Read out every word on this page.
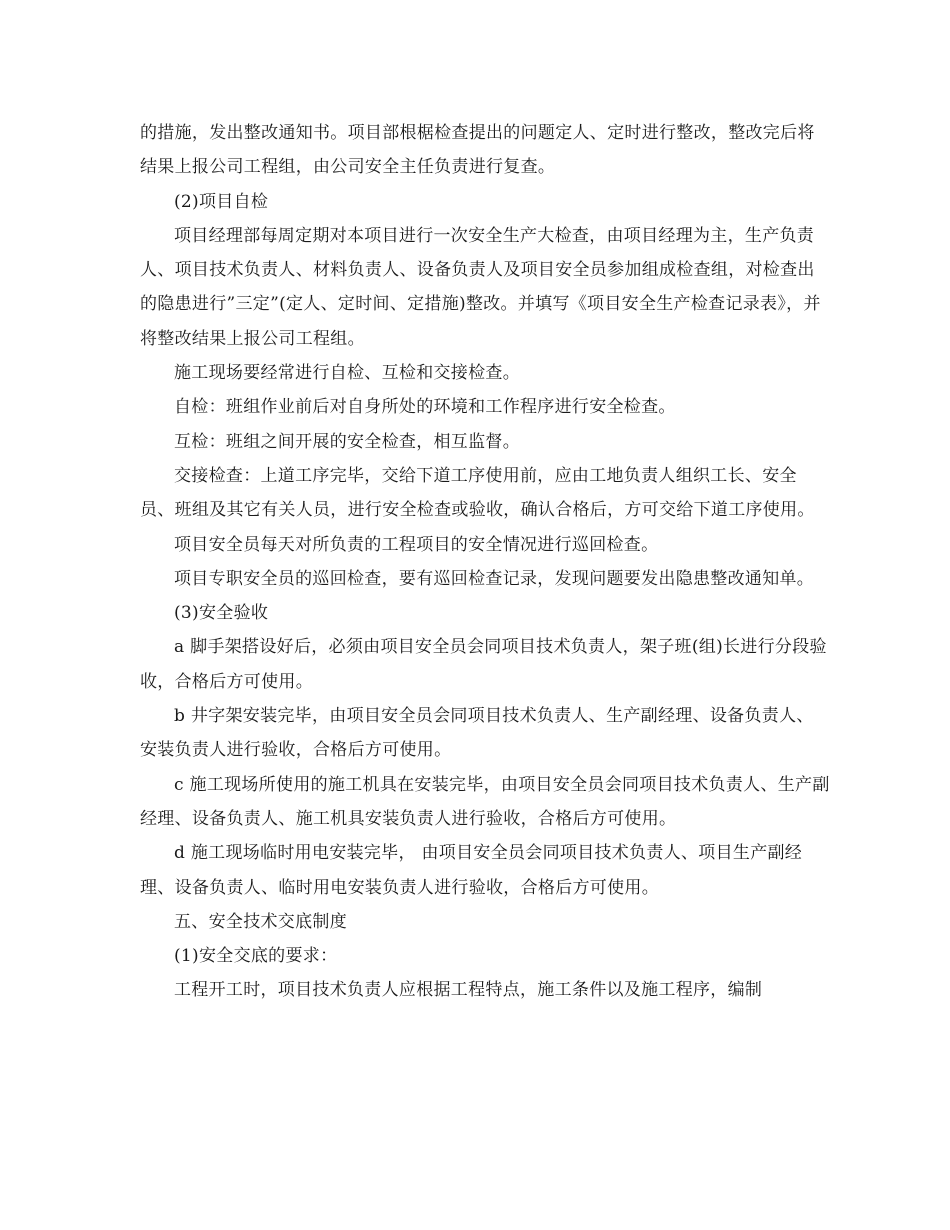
的措施，发出整改通知书。项目部根椐检查提出的问题定人、定时进行整改，整改完后将结果上报公司工程组，由公司安全主任负责进行复查。

(2)项目自检

项目经理部每周定期对本项目进行一次安全生产大检查，由项目经理为主，生产负责人、项目技术负责人、材料负责人、设备负责人及项目安全员参加组成检查组，对检查出的隐患进行”三定”(定人、定时间、定措施)整改。并填写《项目安全生产检查记录表》，并将整改结果上报公司工程组。

施工现场要经常进行自检、互检和交接检查。

自检：班组作业前后对自身所处的环境和工作程序进行安全检查。

互检：班组之间开展的安全检查，相互监督。

交接检查：上道工序完毕，交给下道工序使用前，应由工地负责人组织工长、安全员、班组及其它有关人员，进行安全检查或验收，确认合格后，方可交给下道工序使用。

项目安全员每天对所负责的工程项目的安全情况进行巡回检查。

项目专职安全员的巡回检查，要有巡回检查记录，发现问题要发出隐患整改通知单。

(3)安全验收

a 脚手架搭设好后，必须由项目安全员会同项目技术负责人，架子班(组)长进行分段验收，合格后方可使用。

b 井字架安装完毕，由项目安全员会同项目技术负责人、生产副经理、设备负责人、安装负责人进行验收，合格后方可使用。

c 施工现场所使用的施工机具在安装完毕，由项目安全员会同项目技术负责人、生产副经理、设备负责人、施工机具安装负责人进行验收，合格后方可使用。

d 施工现场临时用电安装完毕， 由项目安全员会同项目技术负责人、项目生产副经理、设备负责人、临时用电安装负责人进行验收，合格后方可使用。

五、安全技术交底制度

(1)安全交底的要求：

工程开工时，项目技术负责人应根据工程特点，施工条件以及施工程序，编制
